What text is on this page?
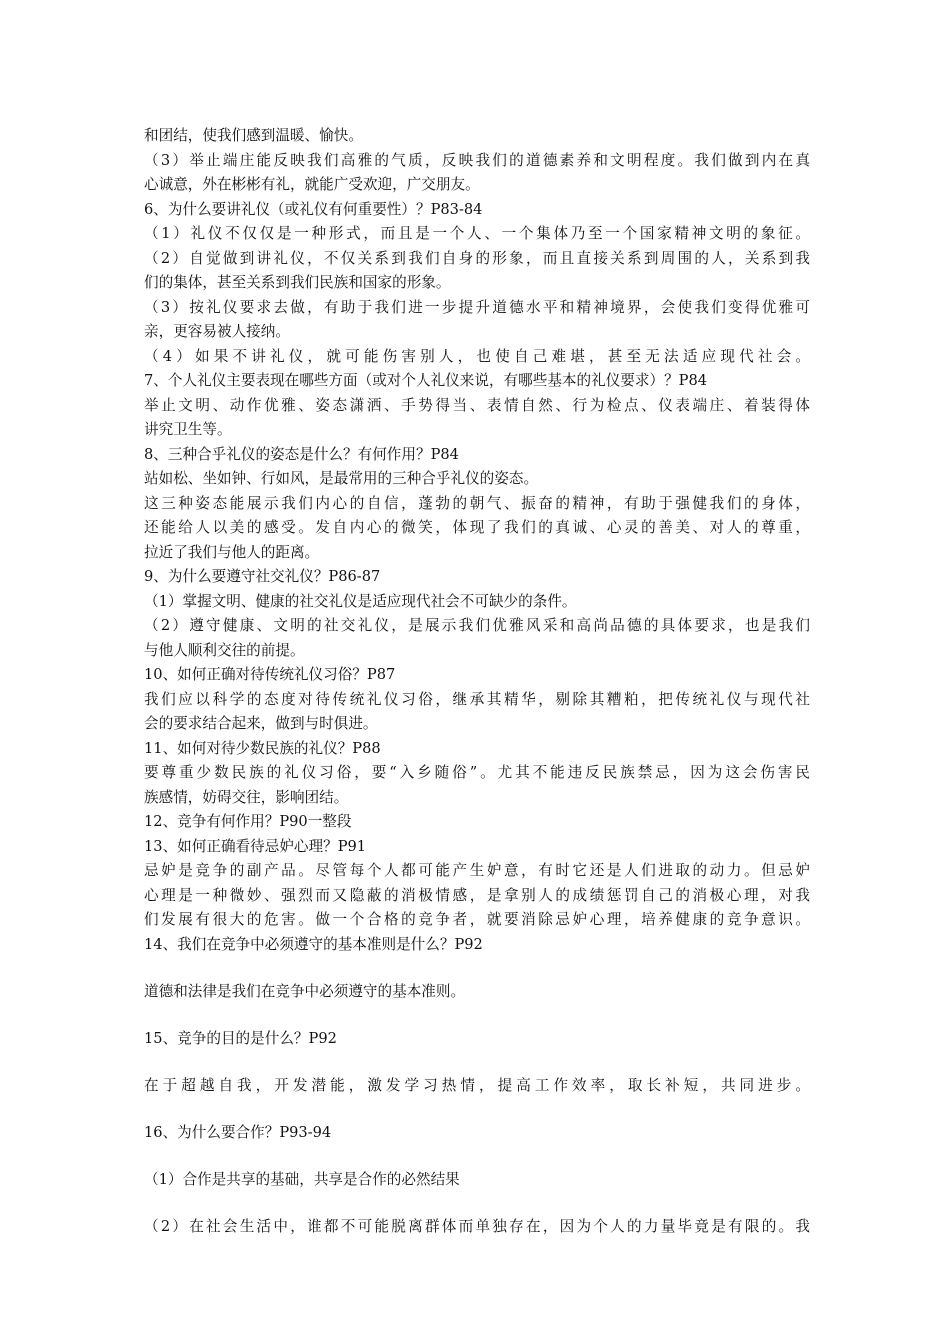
和团结，使我们感到温暖、愉快。
（3）举止端庄能反映我们高雅的气质，反映我们的道德素养和文明程度。我们做到内在真
心诚意，外在彬彬有礼，就能广受欢迎，广交朋友。
6、为什么要讲礼仪（或礼仪有何重要性）？P83-84
（1）礼仪不仅仅是一种形式，而且是一个人、一个集体乃至一个国家精神文明的象征。
（2）自觉做到讲礼仪，不仅关系到我们自身的形象，而且直接关系到周围的人，关系到我
们的集体，甚至关系到我们民族和国家的形象。
（3）按礼仪要求去做，有助于我们进一步提升道德水平和精神境界，会使我们变得优雅可
亲，更容易被人接纳。
（4）如果不讲礼仪，就可能伤害别人，也使自己难堪，甚至无法适应现代社会。
7、个人礼仪主要表现在哪些方面（或对个人礼仪来说，有哪些基本的礼仪要求）？P84
举止文明、动作优雅、姿态潇洒、手势得当、表情自然、行为检点、仪表端庄、着装得体
讲究卫生等。
8、三种合乎礼仪的姿态是什么？有何作用？P84
站如松、坐如钟、行如风，是最常用的三种合乎礼仪的姿态。
这三种姿态能展示我们内心的自信，蓬勃的朝气、振奋的精神，有助于强健我们的身体，
还能给人以美的感受。发自内心的微笑，体现了我们的真诚、心灵的善美、对人的尊重，
拉近了我们与他人的距离。
9、为什么要遵守社交礼仪？P86-87
（1）掌握文明、健康的社交礼仪是适应现代社会不可缺少的条件。
（2）遵守健康、文明的社交礼仪，是展示我们优雅风采和高尚品德的具体要求，也是我们
与他人顺利交往的前提。
10、如何正确对待传统礼仪习俗？P87
我们应以科学的态度对待传统礼仪习俗，继承其精华，剔除其糟粕，把传统礼仪与现代社
会的要求结合起来，做到与时俱进。
11、如何对待少数民族的礼仪？P88
要尊重少数民族的礼仪习俗，要“入乡随俗”。尤其不能违反民族禁忌，因为这会伤害民
族感情，妨碍交往，影响团结。
12、竞争有何作用？P90一整段
13、如何正确看待忌妒心理？P91
忌妒是竞争的副产品。尽管每个人都可能产生妒意，有时它还是人们进取的动力。但忌妒
心理是一种微妙、强烈而又隐蔽的消极情感，是拿别人的成绩惩罚自己的消极心理，对我
们发展有很大的危害。做一个合格的竞争者，就要消除忌妒心理，培养健康的竞争意识。
14、我们在竞争中必须遵守的基本准则是什么？P92
道德和法律是我们在竞争中必须遵守的基本准则。
15、竞争的目的是什么？P92
在于超越自我，开发潜能，激发学习热情，提高工作效率，取长补短，共同进步。
16、为什么要合作？P93-94
（1）合作是共享的基础，共享是合作的必然结果
（2）在社会生活中，谁都不可能脱离群体而单独存在，因为个人的力量毕竟是有限的。我
